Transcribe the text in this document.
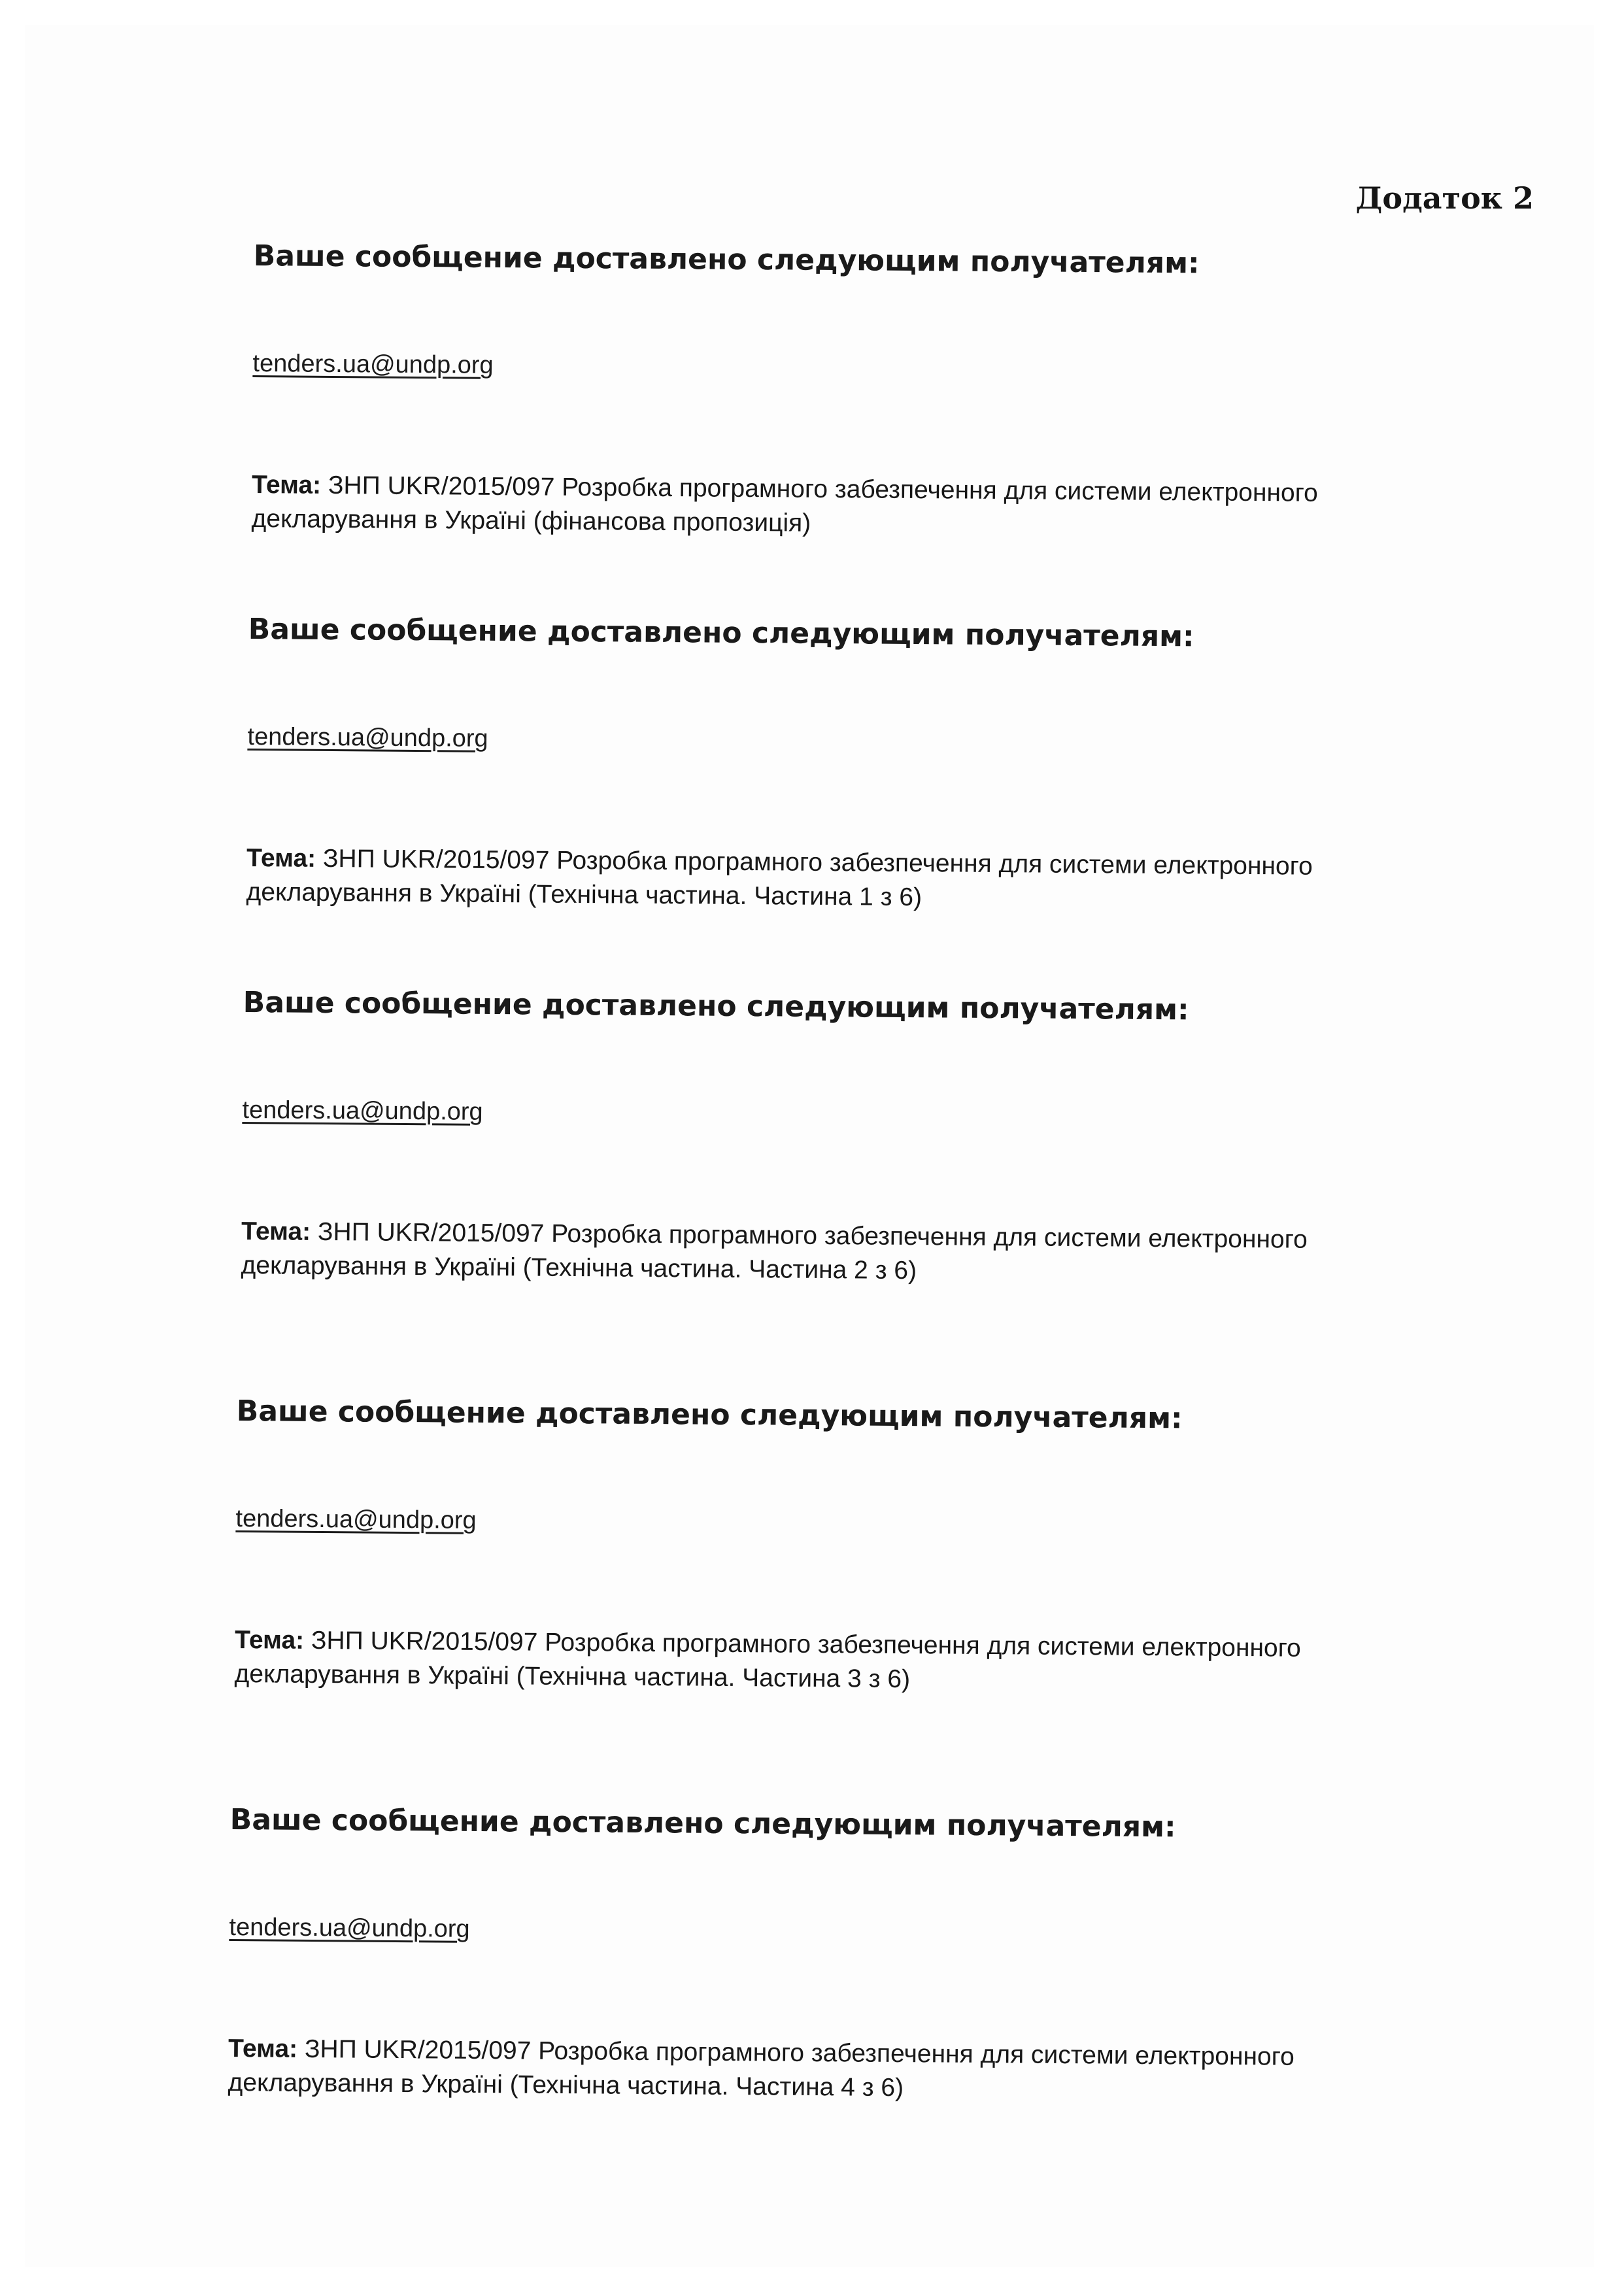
Додаток 2

Ваше сообщение доставлено следующим получателям:

tenders.ua@undp.org

Тема: ЗНП UKR/2015/097 Розробка програмного забезпечення для системи електронного декларування в Україні (фінансова пропозиція)

Ваше сообщение доставлено следующим получателям:

tenders.ua@undp.org

Тема: ЗНП UKR/2015/097 Розробка програмного забезпечення для системи електронного декларування в Україні (Технічна частина. Частина 1 з 6)

Ваше сообщение доставлено следующим получателям:

tenders.ua@undp.org

Тема: ЗНП UKR/2015/097 Розробка програмного забезпечення для системи електронного декларування в Україні (Технічна частина. Частина 2 з 6)

Ваше сообщение доставлено следующим получателям:

tenders.ua@undp.org

Тема: ЗНП UKR/2015/097 Розробка програмного забезпечення для системи електронного декларування в Україні (Технічна частина. Частина 3 з 6)

Ваше сообщение доставлено следующим получателям:

tenders.ua@undp.org

Тема: ЗНП UKR/2015/097 Розробка програмного забезпечення для системи електронного декларування в Україні (Технічна частина. Частина 4 з 6)
